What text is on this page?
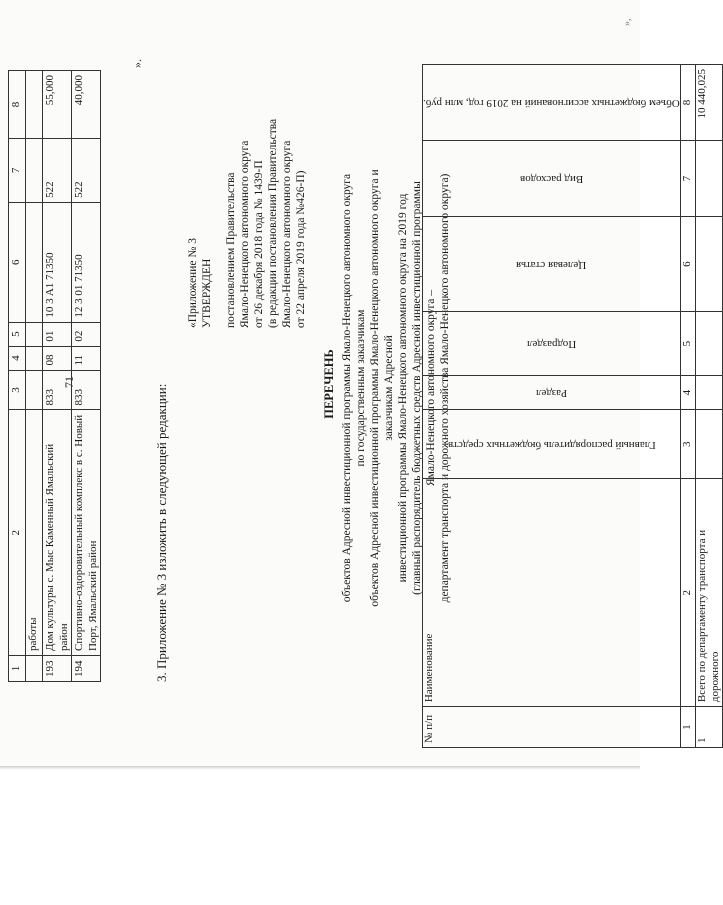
71
»,
1	2	3	4	5	6	7	8
	работы						
193	Дом культуры с. Мыс Каменный Ямальский район	833	08	01	10 3 A1 71350	522	55,000
194	Спортивно-оздоровительный комплекс в с. Новый Порт, Ямальский район	833	11	02	12 3 01 71350	522	40,000
».
3. Приложение № 3 изложить в следующей редакции:
«Приложение № 3 УТВЕРЖДЕН постановлением Правительства Ямало-Ненецкого автономного округа от 26 декабря 2018 года № 1439-П (в редакции постановления Правительства Ямало-Ненецкого автономного округа от 22 апреля 2019 года №426-П)
ПЕРЕЧЕНЬ объектов Адресной инвестиционной программы Ямало-Ненецкого автономного округа по государственным заказчикам объектов Адресной инвестиционной программы Ямало-Ненецкого автономного округа и заказчикам Адресной инвестиционной программы Ямало-Ненецкого автономного округа на 2019 год (главный распорядитель бюджетных средств Адресной инвестиционной программы Ямало-Ненецкого автономного округа – департамент транспорта и дорожного хозяйства Ямало-Ненецкого автономного округа)
№ п/п	Наименование	Главный распорядитель бюджетных средств	Раздел	Подраздел	Целевая статья	Вид расходов	Объем бюджетных ассигнований на 2019 год, млн руб.

1	2	3	4	5	6	7	8
1	Всего по департаменту транспорта и дорожного						10 440,025
